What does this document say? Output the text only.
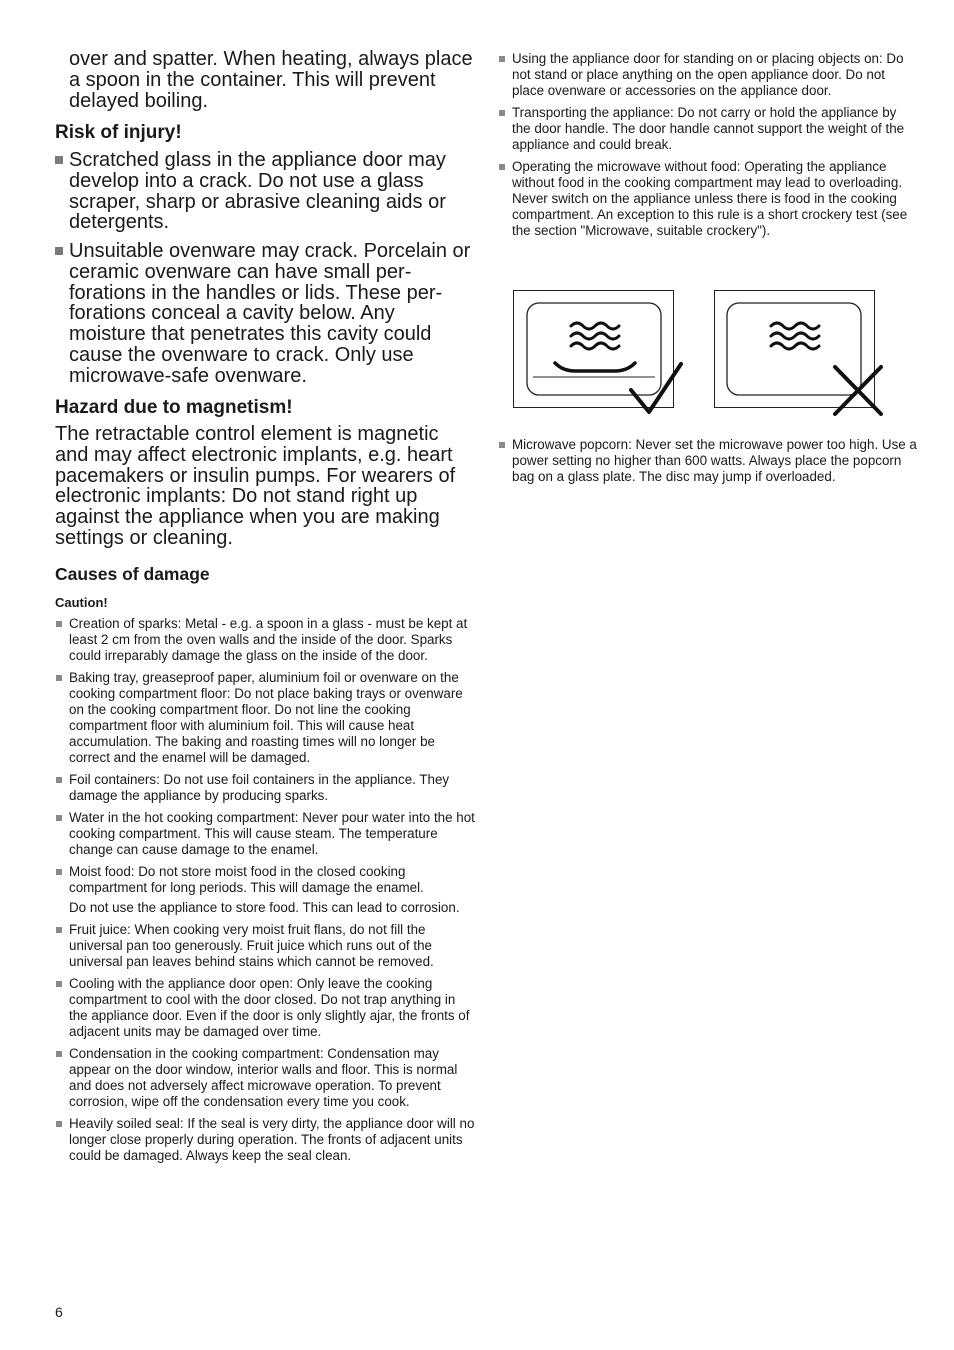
over and spatter. When heating, always place a spoon in the container. This will prevent delayed boiling.

Risk of injury!
Scratched glass in the appliance door may develop into a crack. Do not use a glass scraper, sharp or abrasive cleaning aids or detergents.
Unsuitable ovenware may crack. Porcelain or ceramic ovenware can have small per-forations in the handles or lids. These per-forations conceal a cavity below. Any moisture that penetrates this cavity could cause the ovenware to crack. Only use microwave-safe ovenware.
Hazard due to magnetism!

The retractable control element is magnetic and may affect electronic implants, e.g. heart pacemakers or insulin pumps. For wearers of electronic implants: Do not stand right up against the appliance when you are making settings or cleaning.

Causes of damage
Caution!

Creation of sparks: Metal - e.g. a spoon in a glass - must be kept at least 2 cm from the oven walls and the inside of the door. Sparks could irreparably damage the glass on the inside of the door.

Baking tray, greaseproof paper, aluminium foil or ovenware on the cooking compartment floor: Do not place baking trays or ovenware on the cooking compartment floor. Do not line the cooking compartment floor with aluminium foil. This will cause heat accumulation. The baking and roasting times will no longer be correct and the enamel will be damaged.

Foil containers: Do not use foil containers in the appliance. They damage the appliance by producing sparks.

Water in the hot cooking compartment: Never pour water into the hot cooking compartment. This will cause steam. The temperature change can cause damage to the enamel.

Moist food: Do not store moist food in the closed cooking compartment for long periods. This will damage the enamel.

Do not use the appliance to store food. This can lead to corrosion.

Fruit juice: When cooking very moist fruit flans, do not fill the universal pan too generously. Fruit juice which runs out of the universal pan leaves behind stains which cannot be removed.

Cooling with the appliance door open: Only leave the cooking compartment to cool with the door closed. Do not trap anything in the appliance door. Even if the door is only slightly ajar, the fronts of adjacent units may be damaged over time.

Condensation in the cooking compartment: Condensation may appear on the door window, interior walls and floor. This is normal and does not adversely affect microwave operation. To prevent corrosion, wipe off the condensation every time you cook.

Heavily soiled seal: If the seal is very dirty, the appliance door will no longer close properly during operation. The fronts of adjacent units could be damaged. Always keep the seal clean.

Using the appliance door for standing on or placing objects on: Do not stand or place anything on the open appliance door. Do not place ovenware or accessories on the appliance door.

Transporting the appliance: Do not carry or hold the appliance by the door handle. The door handle cannot support the weight of the appliance and could break.

Operating the microwave without food: Operating the appliance without food in the cooking compartment may lead to overloading. Never switch on the appliance unless there is food in the cooking compartment. An exception to this rule is a short crockery test (see the section "Microwave, suitable crockery").

Microwave popcorn: Never set the microwave power too high. Use a power setting no higher than 600 watts. Always place the popcorn bag on a glass plate. The disc may jump if overloaded.

6
